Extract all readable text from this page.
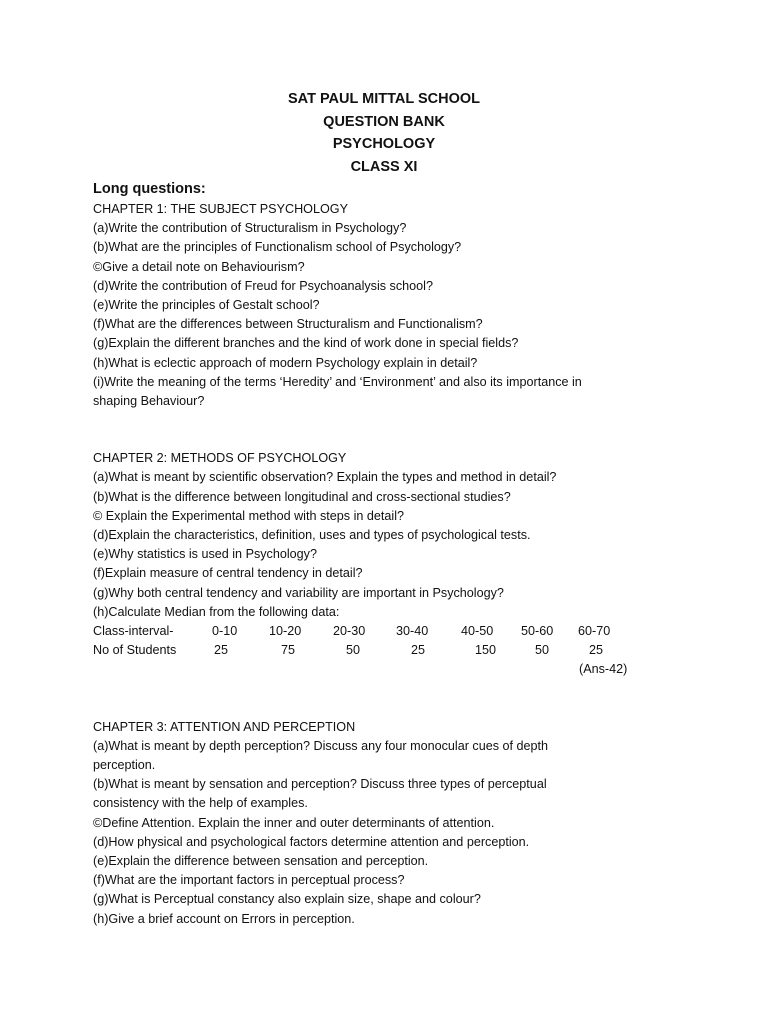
SAT PAUL MITTAL SCHOOL
QUESTION BANK
PSYCHOLOGY
CLASS XI
Long questions:
CHAPTER 1: THE SUBJECT PSYCHOLOGY
(a)Write the contribution of Structuralism in Psychology?
(b)What are the principles of Functionalism school of Psychology?
©Give a detail note on Behaviourism?
(d)Write the contribution of Freud for Psychoanalysis school?
(e)Write the principles of Gestalt school?
(f)What are the differences between Structuralism and Functionalism?
(g)Explain the different branches and the kind of work done in special fields?
(h)What is eclectic approach of modern Psychology explain in detail?
(i)Write the meaning of the terms ‘Heredity’ and ‘Environment’ and also its importance in
shaping Behaviour?
CHAPTER 2: METHODS OF PSYCHOLOGY
(a)What is meant by scientific observation? Explain the types and method in detail?
(b)What is the difference between longitudinal and cross-sectional studies?
© Explain the Experimental method with steps in detail?
(d)Explain the characteristics, definition, uses and types of psychological tests.
(e)Why statistics is used in Psychology?
(f)Explain measure of central tendency in detail?
(g)Why both central tendency and variability are important in Psychology?
(h)Calculate Median from the following data:
Class-interval-	0-10	10-20	20-30 30-40	40-50 50-60 60-70
No of Students	25	75	50	25	150	50	25
(Ans-42)
CHAPTER 3: ATTENTION AND PERCEPTION
(a)What is meant by depth perception? Discuss any four monocular cues of depth
perception.
(b)What is meant by sensation and perception? Discuss three types of perceptual
consistency with the help of examples.
©Define Attention. Explain the inner and outer determinants of attention.
(d)How physical and psychological factors determine attention and perception.
(e)Explain the difference between sensation and perception.
(f)What are the important factors in perceptual process?
(g)What is Perceptual constancy also explain size, shape and colour?
(h)Give a brief account on Errors in perception.
